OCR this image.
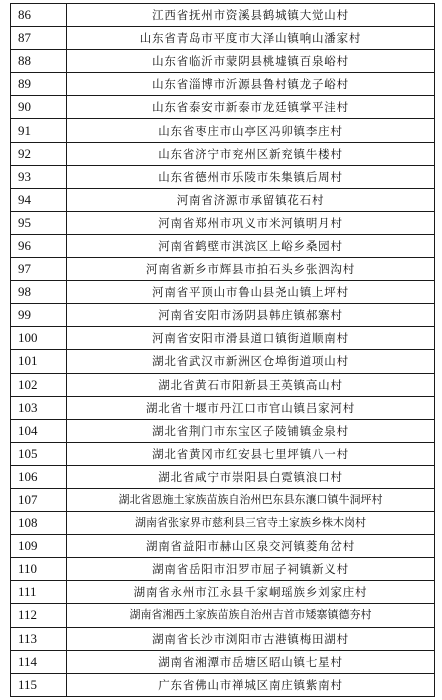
86	江西省抚州市资溪县鹤城镇大觉山村
87	山东省青岛市平度市大泽山镇响山潘家村
88	山东省临沂市蒙阴县桃墟镇百泉峪村
89	山东省淄博市沂源县鲁村镇龙子峪村
90	山东省泰安市新泰市龙廷镇掌平洼村
91	山东省枣庄市山亭区冯卯镇李庄村
92	山东省济宁市兖州区新兖镇牛楼村
93	山东省德州市乐陵市朱集镇后周村
94	河南省济源市承留镇花石村
95	河南省郑州市巩义市米河镇明月村
96	河南省鹤壁市淇滨区上峪乡桑园村
97	河南省新乡市辉县市拍石头乡张泗沟村
98	河南省平顶山市鲁山县尧山镇上坪村
99	河南省安阳市汤阴县韩庄镇郝寨村
100	河南省安阳市滑县道口镇街道顺南村
101	湖北省武汉市新洲区仓埠街道项山村
102	湖北省黄石市阳新县王英镇高山村
103	湖北省十堰市丹江口市官山镇吕家河村
104	湖北省荆门市东宝区子陵铺镇金泉村
105	湖北省黄冈市红安县七里坪镇八一村
106	湖北省咸宁市崇阳县白霓镇浪口村
107	湖北省恩施土家族苗族自治州巴东县东瀼口镇牛洞坪村
108	湖南省张家界市慈利县三官寺土家族乡株木岗村
109	湖南省益阳市赫山区泉交河镇菱角岔村
110	湖南省岳阳市汨罗市屈子祠镇新义村
111	湖南省永州市江永县千家峒瑶族乡刘家庄村
112	湖南省湘西土家族苗族自治州吉首市矮寨镇德夯村
113	湖南省长沙市浏阳市古港镇梅田湖村
114	湖南省湘潭市岳塘区昭山镇七星村
115	广东省佛山市禅城区南庄镇紫南村
